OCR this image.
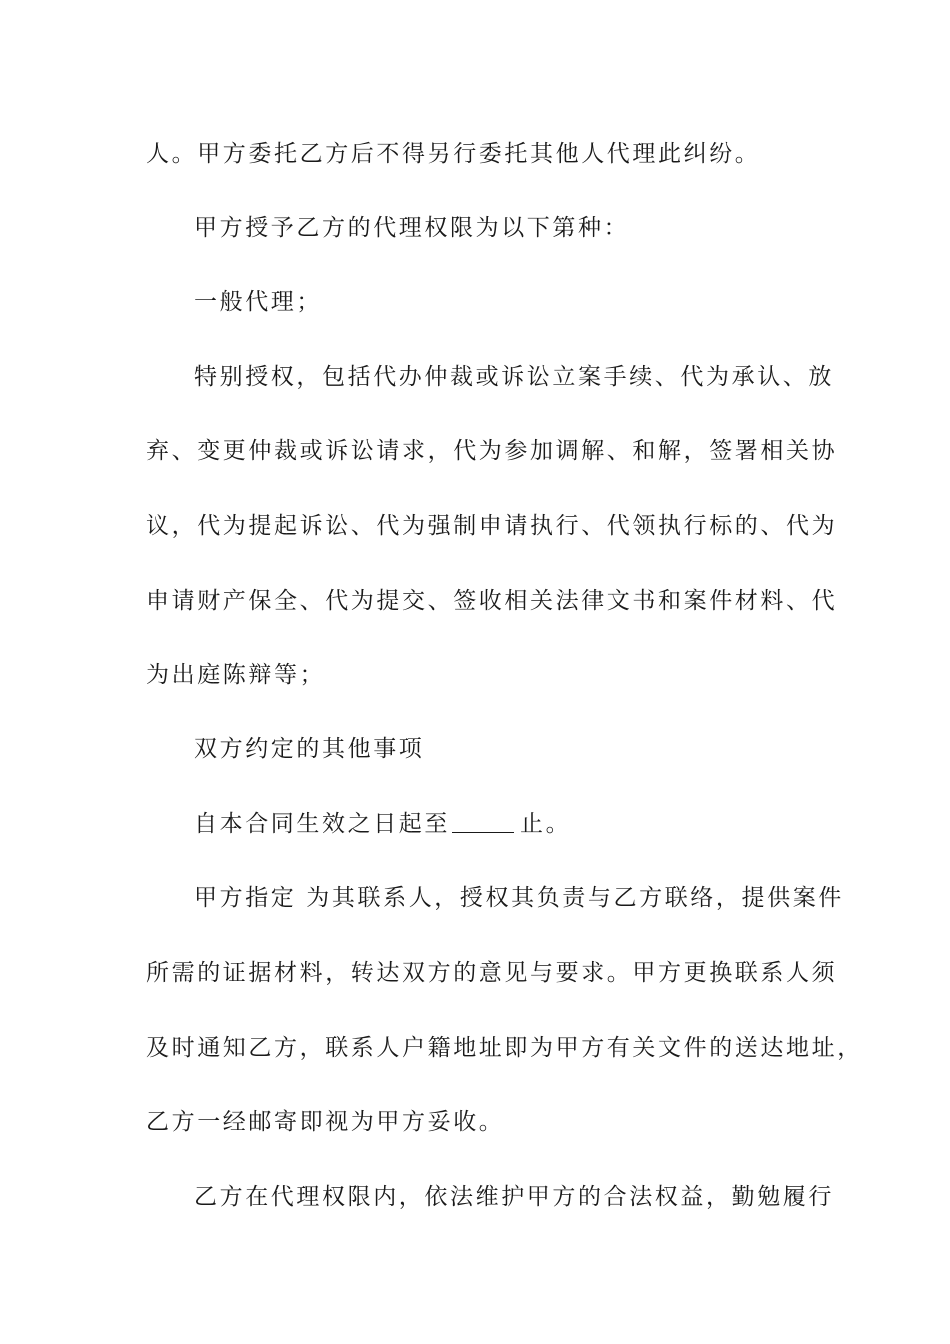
人。甲方委托乙方后不得另行委托其他人代理此纠纷。
甲方授予乙方的代理权限为以下第种：
一般代理；
特别授权，包括代办仲裁或诉讼立案手续、代为承认、放
弃、变更仲裁或诉讼请求，代为参加调解、和解，签署相关协
议，代为提起诉讼、代为强制申请执行、代领执行标的、代为
申请财产保全、代为提交、签收相关法律文书和案件材料、代
为出庭陈辩等；
双方约定的其他事项
自本合同生效之日起至	止。
甲方指定 为其联系人，授权其负责与乙方联络，提供案件
所需的证据材料，转达双方的意见与要求。甲方更换联系人须
及时通知乙方，联系人户籍地址即为甲方有关文件的送达地址，
乙方一经邮寄即视为甲方妥收。
乙方在代理权限内，依法维护甲方的合法权益，勤勉履行
